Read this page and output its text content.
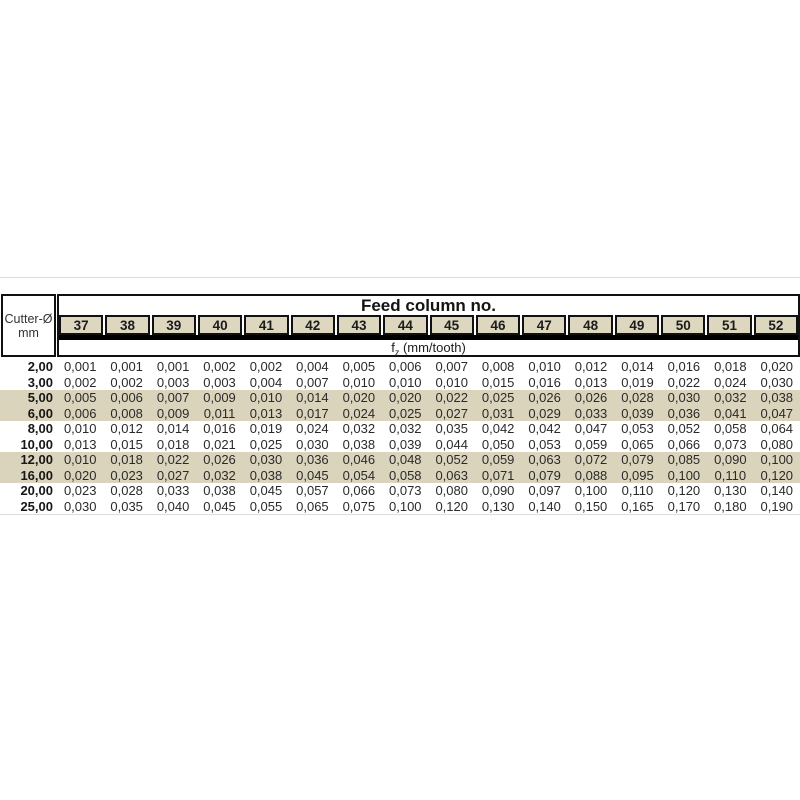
Cutter-Ø
mm
Feed column no.
37	38	39	40	41	42	43	44	45	46	47	48	49	50	51	52
$f_z$ (mm/tooth)
2,00 0,001	0,001	0,001	0,002	0,002	0,004	0,005	0,006	0,007	0,008	0,010	0,012	0,014	0,016	0,018	0,020
3,00 0,002	0,002	0,003	0,003	0,004	0,007	0,010	0,010	0,010	0,015	0,016	0,013	0,019	0,022	0,024	0,030
5,00 0,005	0,006	0,007	0,009	0,010	0,014	0,020	0,020	0,022	0,025	0,026	0,026	0,028	0,030	0,032	0,038
6,00 0,006	0,008	0,009	0,011	0,013	0,017	0,024	0,025	0,027	0,031	0,029	0,033	0,039	0,036	0,041	0,047
8,00 0,010	0,012	0,014	0,016	0,019	0,024	0,032	0,032	0,035	0,042	0,042	0,047	0,053	0,052	0,058	0,064
10,00 0,013	0,015	0,018	0,021	0,025	0,030	0,038	0,039	0,044	0,050	0,053	0,059	0,065	0,066	0,073	0,080
12,00 0,010	0,018	0,022	0,026	0,030	0,036	0,046	0,048	0,052	0,059	0,063	0,072	0,079	0,085	0,090	0,100
16,00 0,020	0,023	0,027	0,032	0,038	0,045	0,054	0,058	0,063	0,071	0,079	0,088	0,095	0,100	0,110	0,120
20,00 0,023	0,028	0,033	0,038	0,045	0,057	0,066	0,073	0,080	0,090	0,097	0,100	0,110	0,120	0,130	0,140
25,00 0,030	0,035	0,040	0,045	0,055	0,065	0,075	0,100	0,120	0,130	0,140	0,150	0,165	0,170	0,180	0,190
